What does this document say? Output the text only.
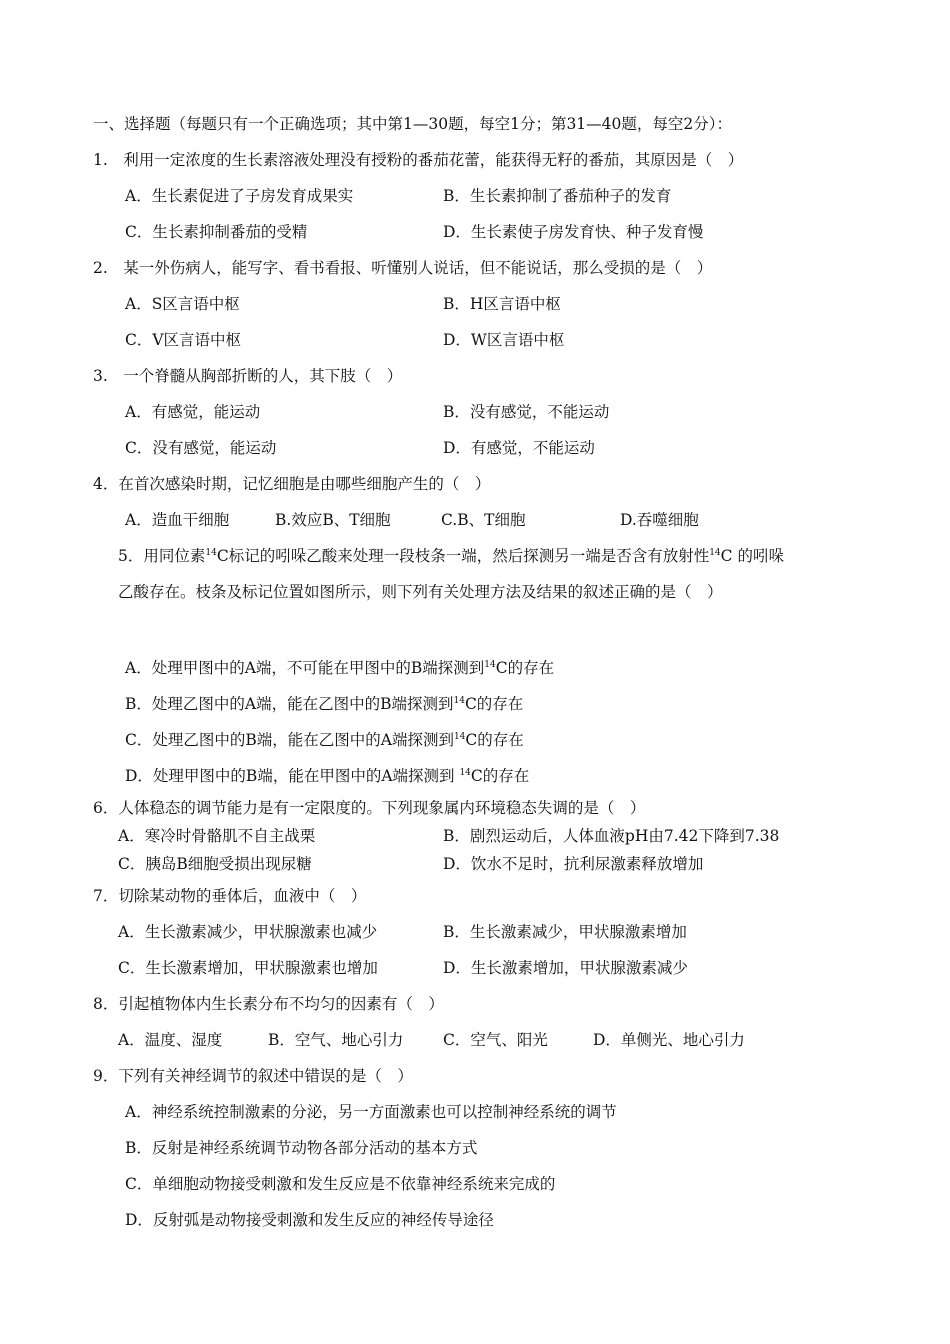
一、选择题（每题只有一个正确选项；其中第1—30题，每空1分；第31—40题，每空2分）：
1.　利用一定浓度的生长素溶液处理没有授粉的番茄花蕾，能获得无籽的番茄，其原因是（　）
A．生长素促进了子房发育成果实	B．生长素抑制了番茄种子的发育
C．生长素抑制番茄的受精	D．生长素使子房发育快、种子发育慢
2.　某一外伤病人，能写字、看书看报、听懂别人说话，但不能说话，那么受损的是（　）
A．S区言语中枢	B．H区言语中枢
C．V区言语中枢	D．W区言语中枢
3.　一个脊髓从胸部折断的人，其下肢（　）
A．有感觉，能运动	B．没有感觉，不能运动
C．没有感觉，能运动	D．有感觉，不能运动
4．在首次感染时期，记忆细胞是由哪些细胞产生的（　）
A．造血干细胞	B.效应B、T细胞	C.B、T细胞	D.吞噬细胞
5．用同位素$^{14}$C标记的吲哚乙酸来处理一段枝条一端，然后探测另一端是否含有放射性$^{14}$C 的吲哚
乙酸存在。枝条及标记位置如图所示，则下列有关处理方法及结果的叙述正确的是（　）
A．处理甲图中的A端，不可能在甲图中的B端探测到$^{14}$C的存在
B．处理乙图中的A端，能在乙图中的B端探测到$^{14}$C的存在
C．处理乙图中的B端，能在乙图中的A端探测到$^{14}$C的存在
D．处理甲图中的B端，能在甲图中的A端探测到 $^{14}$C的存在
6．人体稳态的调节能力是有一定限度的。下列现象属内环境稳态失调的是（　）
A．寒冷时骨骼肌不自主战栗	B．剧烈运动后，人体血液pH由7.42下降到7.38
C．胰岛B细胞受损出现尿糖	D．饮水不足时，抗利尿激素释放增加
7．切除某动物的垂体后，血液中（　）
A．生长激素减少，甲状腺激素也减少	B．生长激素减少，甲状腺激素增加
C．生长激素增加，甲状腺激素也增加	D．生长激素增加，甲状腺激素减少
8．引起植物体内生长素分布不均匀的因素有（　）
A．温度、湿度	B．空气、地心引力	C．空气、阳光	D．单侧光、地心引力
9．下列有关神经调节的叙述中错误的是（　）
A．神经系统控制激素的分泌，另一方面激素也可以控制神经系统的调节
B．反射是神经系统调节动物各部分活动的基本方式
C．单细胞动物接受刺激和发生反应是不依靠神经系统来完成的
D．反射弧是动物接受刺激和发生反应的神经传导途径
